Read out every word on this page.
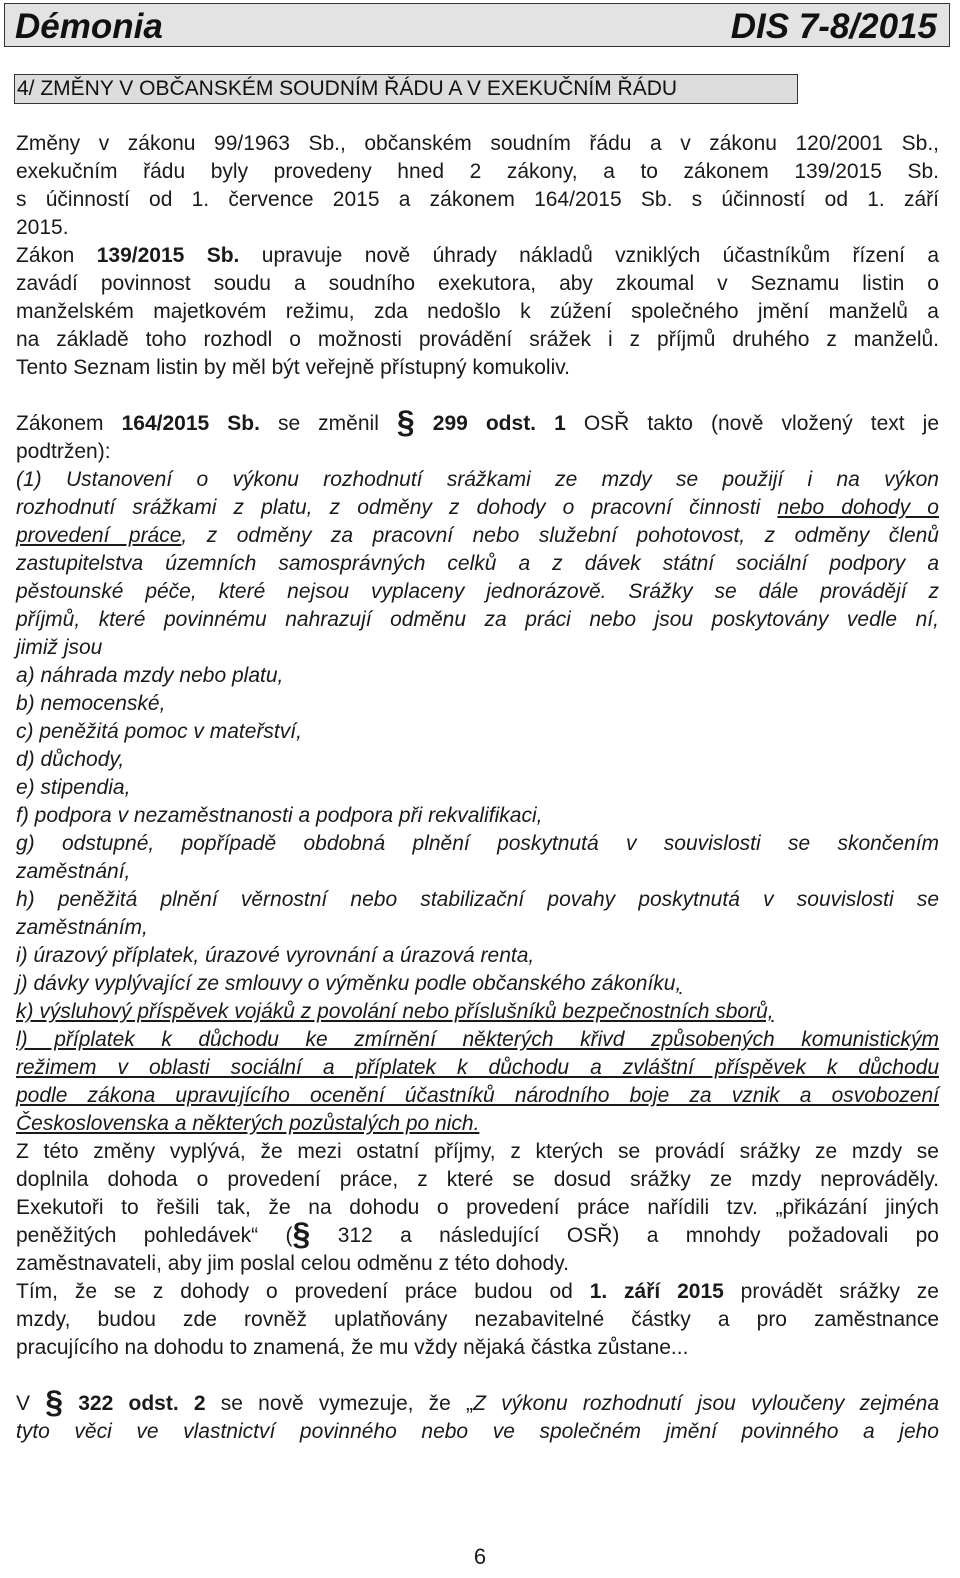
Démonia	DIS 7-8/2015
4/ ZMĚNY V OBČANSKÉM SOUDNÍM ŘÁDU A V EXEKUČNÍM ŘÁDU

Změny v zákonu 99/1963 Sb., občanském soudním řádu a v zákonu 120/2001 Sb.,

exekučním řádu byly provedeny hned 2 zákony, a to zákonem 139/2015 Sb.

s účinností od 1. července 2015 a zákonem 164/2015 Sb. s účinností od 1. září

2015.

Zákon 139/2015 Sb. upravuje nově úhrady nákladů vzniklých účastníkům řízení a

zavádí povinnost soudu a soudního exekutora, aby zkoumal v Seznamu listin o

manželském majetkovém režimu, zda nedošlo k zúžení společného jmění manželů a

na základě toho rozhodl o možnosti provádění srážek i z příjmů druhého z manželů.

Tento Seznam listin by měl být veřejně přístupný komukoliv.

Zákonem 164/2015 Sb. se změnil § 299 odst. 1 OSŘ takto (nově vložený text je

podtržen):

(1) Ustanovení o výkonu rozhodnutí srážkami ze mzdy se použijí i na výkon

rozhodnutí srážkami z platu, z odměny z dohody o pracovní činnosti nebo dohody o

provedení práce, z odměny za pracovní nebo služební pohotovost, z odměny členů

zastupitelstva územních samosprávných celků a z dávek státní sociální podpory a

pěstounské péče, které nejsou vyplaceny jednorázově. Srážky se dále provádějí z

příjmů, které povinnému nahrazují odměnu za práci nebo jsou poskytovány vedle ní,

jimiž jsou

a) náhrada mzdy nebo platu,

b) nemocenské,

c) peněžitá pomoc v mateřství,

d) důchody,

e) stipendia,

f) podpora v nezaměstnanosti a podpora při rekvalifikaci,

g) odstupné, popřípadě obdobná plnění poskytnutá v souvislosti se skončením

zaměstnání,

h) peněžitá plnění věrnostní nebo stabilizační povahy poskytnutá v souvislosti se

zaměstnáním,

i) úrazový příplatek, úrazové vyrovnání a úrazová renta,

j) dávky vyplývající ze smlouvy o výměnku podle občanského zákoníku,

k) výsluhový příspěvek vojáků z povolání nebo příslušníků bezpečnostních sborů,

l) příplatek k důchodu ke zmírnění některých křivd způsobených komunistickým

režimem v oblasti sociální a příplatek k důchodu a zvláštní příspěvek k důchodu

podle zákona upravujícího ocenění účastníků národního boje za vznik a osvobození

Československa a některých pozůstalých po nich.

Z této změny vyplývá, že mezi ostatní příjmy, z kterých se provádí srážky ze mzdy se

doplnila dohoda o provedení práce, z které se dosud srážky ze mzdy neprováděly.

Exekutoři to řešili tak, že na dohodu o provedení práce nařídili tzv. „přikázání jiných

peněžitých pohledávek“ (§ 312 a následující OSŘ) a mnohdy požadovali po

zaměstnavateli, aby jim poslal celou odměnu z této dohody.

Tím, že se z dohody o provedení práce budou od 1. září 2015 provádět srážky ze

mzdy, budou zde rovněž uplatňovány nezabavitelné částky a pro zaměstnance

pracujícího na dohodu to znamená, že mu vždy nějaká částka zůstane...

V § 322 odst. 2 se nově vymezuje, že „Z výkonu rozhodnutí jsou vyloučeny zejména

tyto věci ve vlastnictví povinného nebo ve společném jmění povinného a jeho

6
